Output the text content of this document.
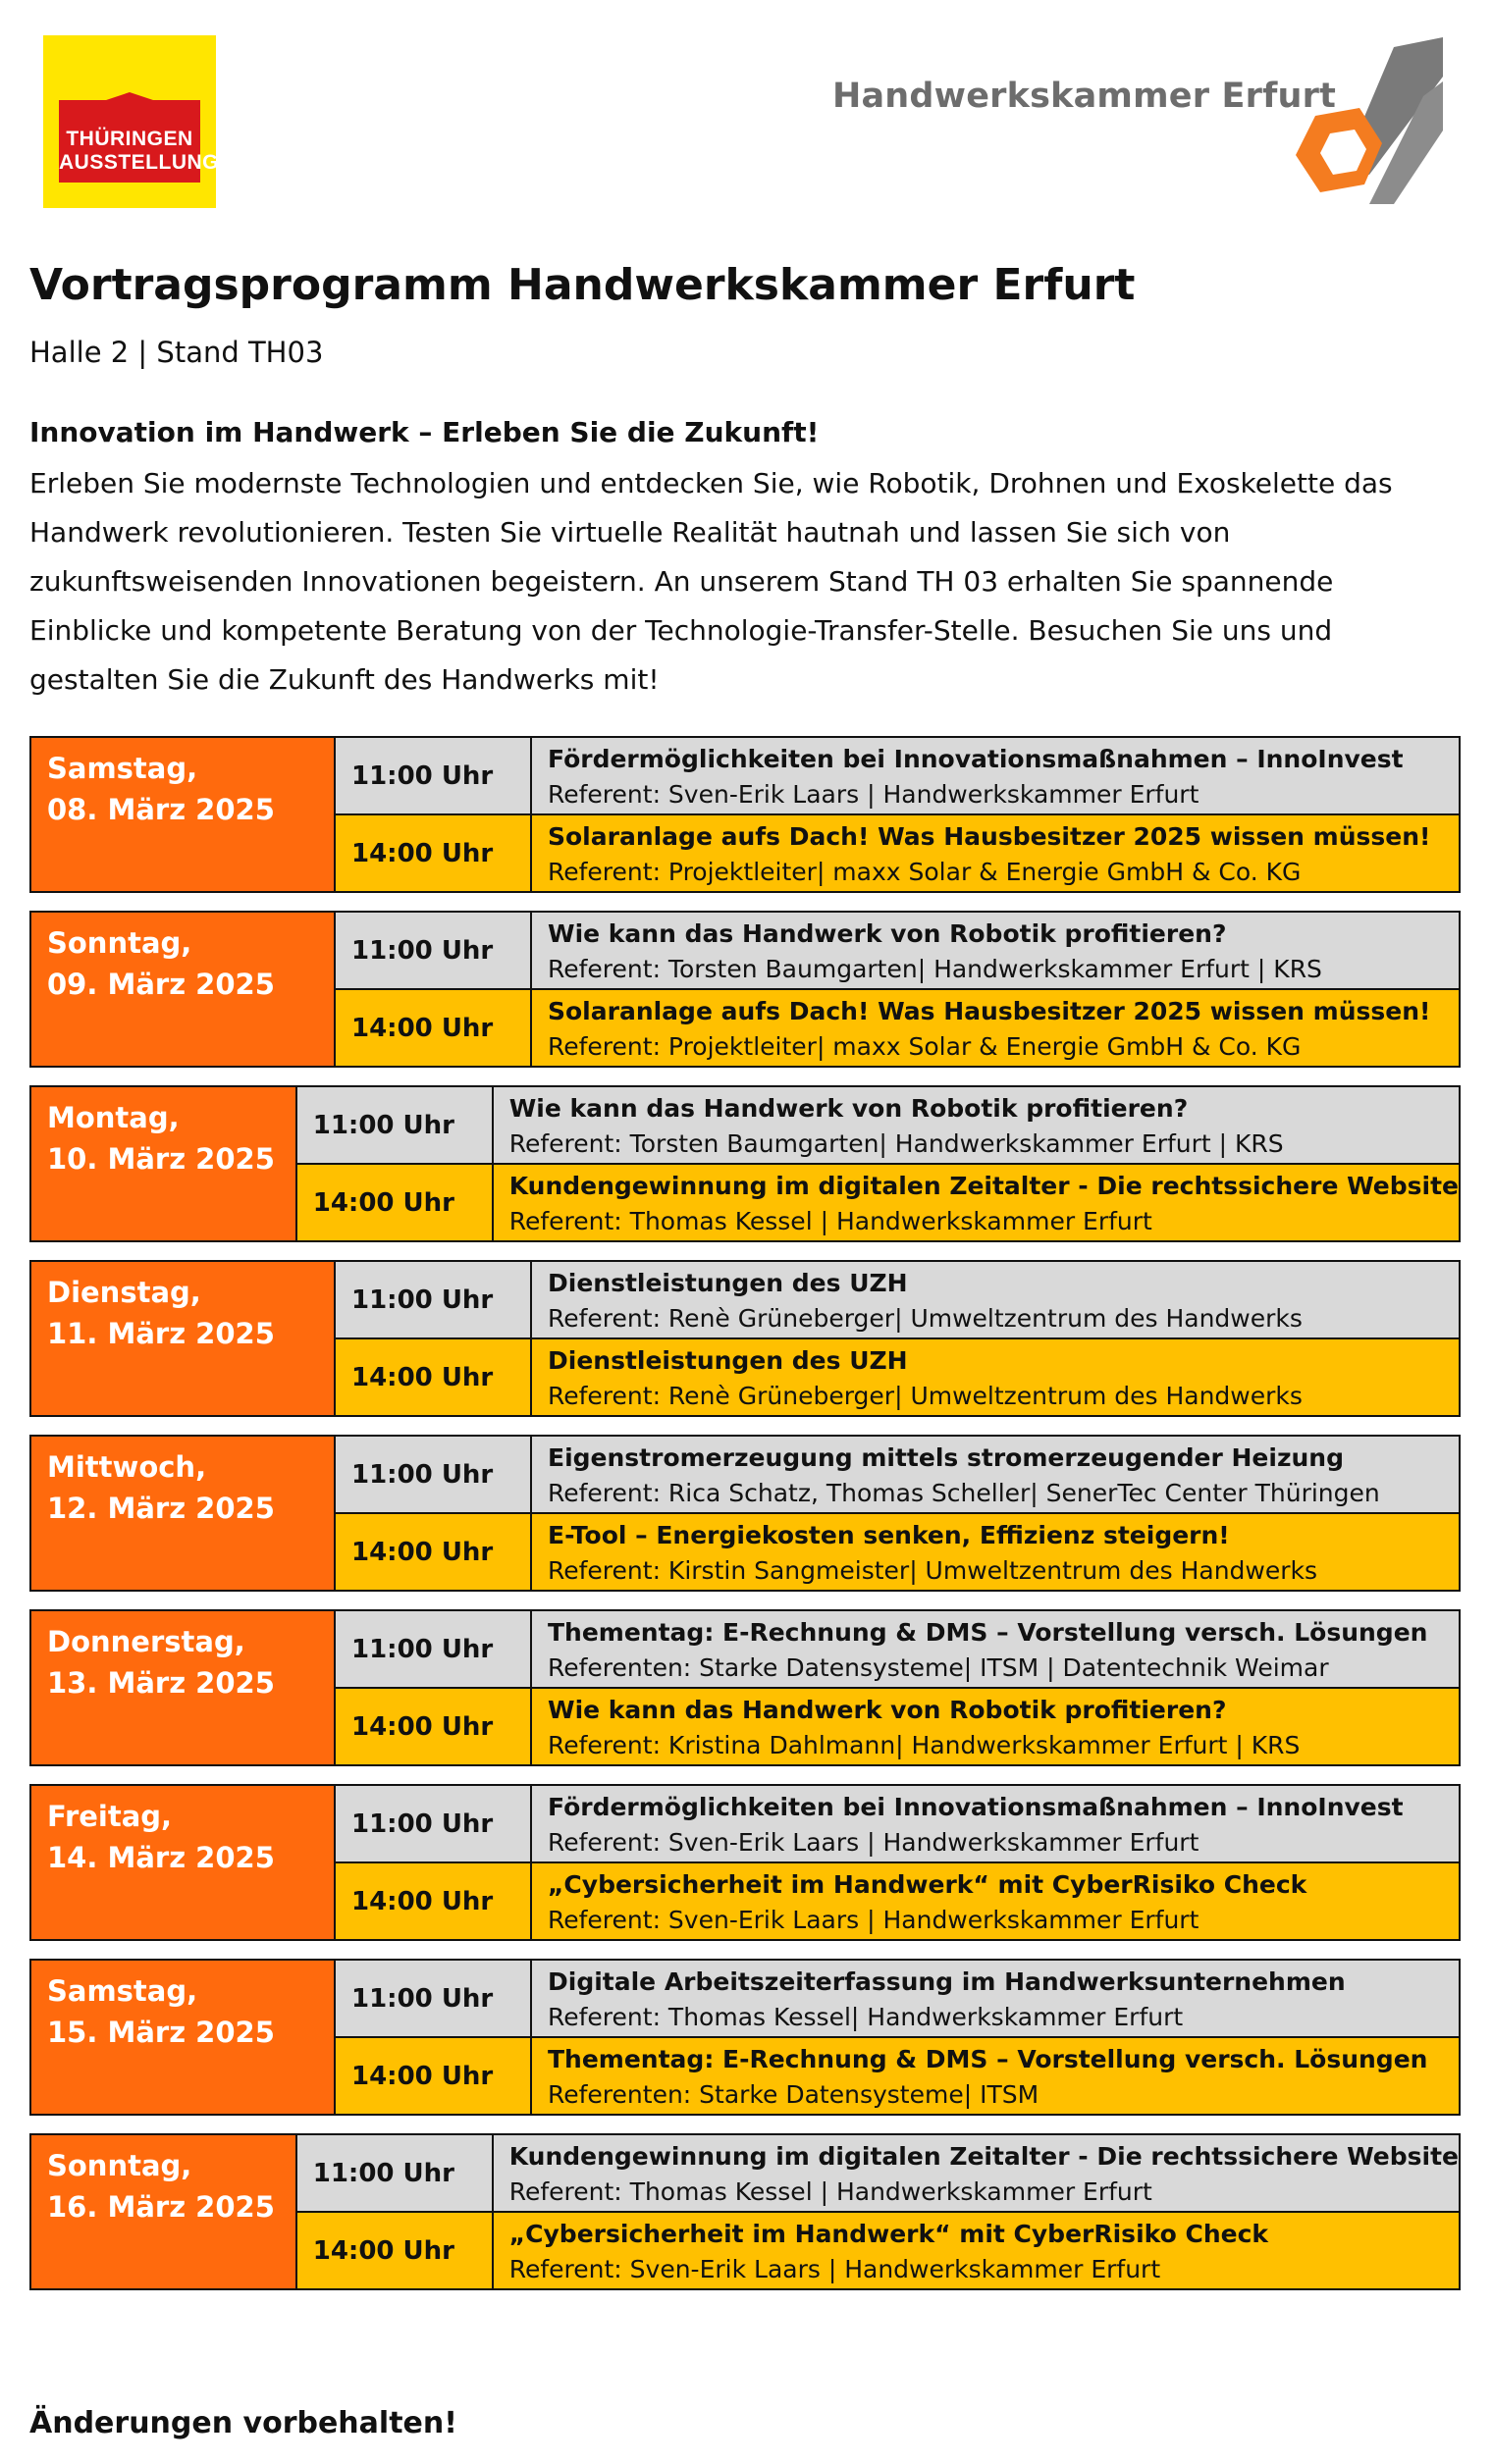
THÜRINGEN
AUSSTELLUNG
Handwerkskammer Erfurt
Vortragsprogramm Handwerkskammer Erfurt
Halle 2 | Stand TH03
Innovation im Handwerk – Erleben Sie die Zukunft!
Erleben Sie modernste Technologien und entdecken Sie, wie Robotik, Drohnen und Exoskelette das Handwerk revolutionieren. Testen Sie virtuelle Realität hautnah und lassen Sie sich von zukunftsweisenden Innovationen begeistern. An unserem Stand TH 03 erhalten Sie spannende Einblicke und kompetente Beratung von der Technologie-Transfer-Stelle. Besuchen Sie uns und gestalten Sie die Zukunft des Handwerks mit!
Samstag,
08. März 2025
11:00 Uhr
Fördermöglichkeiten bei Innovationsmaßnahmen – InnoInvest
Referent: Sven-Erik Laars | Handwerkskammer Erfurt
14:00 Uhr
Solaranlage aufs Dach! Was Hausbesitzer 2025 wissen müssen!
Referent: Projektleiter| maxx Solar & Energie GmbH & Co. KG
Sonntag,
09. März 2025
11:00 Uhr
Wie kann das Handwerk von Robotik profitieren?
Referent: Torsten Baumgarten| Handwerkskammer Erfurt | KRS
14:00 Uhr
Solaranlage aufs Dach! Was Hausbesitzer 2025 wissen müssen!
Referent: Projektleiter| maxx Solar & Energie GmbH & Co. KG
Montag,
10. März 2025
11:00 Uhr
Wie kann das Handwerk von Robotik profitieren?
Referent: Torsten Baumgarten| Handwerkskammer Erfurt | KRS
14:00 Uhr
Kundengewinnung im digitalen Zeitalter - Die rechtssichere Website
Referent: Thomas Kessel | Handwerkskammer Erfurt
Dienstag,
11. März 2025
11:00 Uhr
Dienstleistungen des UZH
Referent: Renè Grüneberger| Umweltzentrum des Handwerks
14:00 Uhr
Dienstleistungen des UZH
Referent: Renè Grüneberger| Umweltzentrum des Handwerks
Mittwoch,
12. März 2025
11:00 Uhr
Eigenstromerzeugung mittels stromerzeugender Heizung
Referent: Rica Schatz, Thomas Scheller| SenerTec Center Thüringen
14:00 Uhr
E-Tool – Energiekosten senken, Effizienz steigern!
Referent: Kirstin Sangmeister| Umweltzentrum des Handwerks
Donnerstag,
13. März 2025
11:00 Uhr
Thementag: E-Rechnung & DMS – Vorstellung versch. Lösungen
Referenten: Starke Datensysteme| ITSM | Datentechnik Weimar
14:00 Uhr
Wie kann das Handwerk von Robotik profitieren?
Referent: Kristina Dahlmann| Handwerkskammer Erfurt | KRS
Freitag,
14. März 2025
11:00 Uhr
Fördermöglichkeiten bei Innovationsmaßnahmen – InnoInvest
Referent: Sven-Erik Laars | Handwerkskammer Erfurt
14:00 Uhr
„Cybersicherheit im Handwerk“ mit CyberRisiko Check
Referent: Sven-Erik Laars | Handwerkskammer Erfurt
Samstag,
15. März 2025
11:00 Uhr
Digitale Arbeitszeiterfassung im Handwerksunternehmen
Referent: Thomas Kessel| Handwerkskammer Erfurt
14:00 Uhr
Thementag: E-Rechnung & DMS – Vorstellung versch. Lösungen
Referenten: Starke Datensysteme| ITSM
Sonntag,
16. März 2025
11:00 Uhr
Kundengewinnung im digitalen Zeitalter - Die rechtssichere Website
Referent: Thomas Kessel | Handwerkskammer Erfurt
14:00 Uhr
„Cybersicherheit im Handwerk“ mit CyberRisiko Check
Referent: Sven-Erik Laars | Handwerkskammer Erfurt
Änderungen vorbehalten!
